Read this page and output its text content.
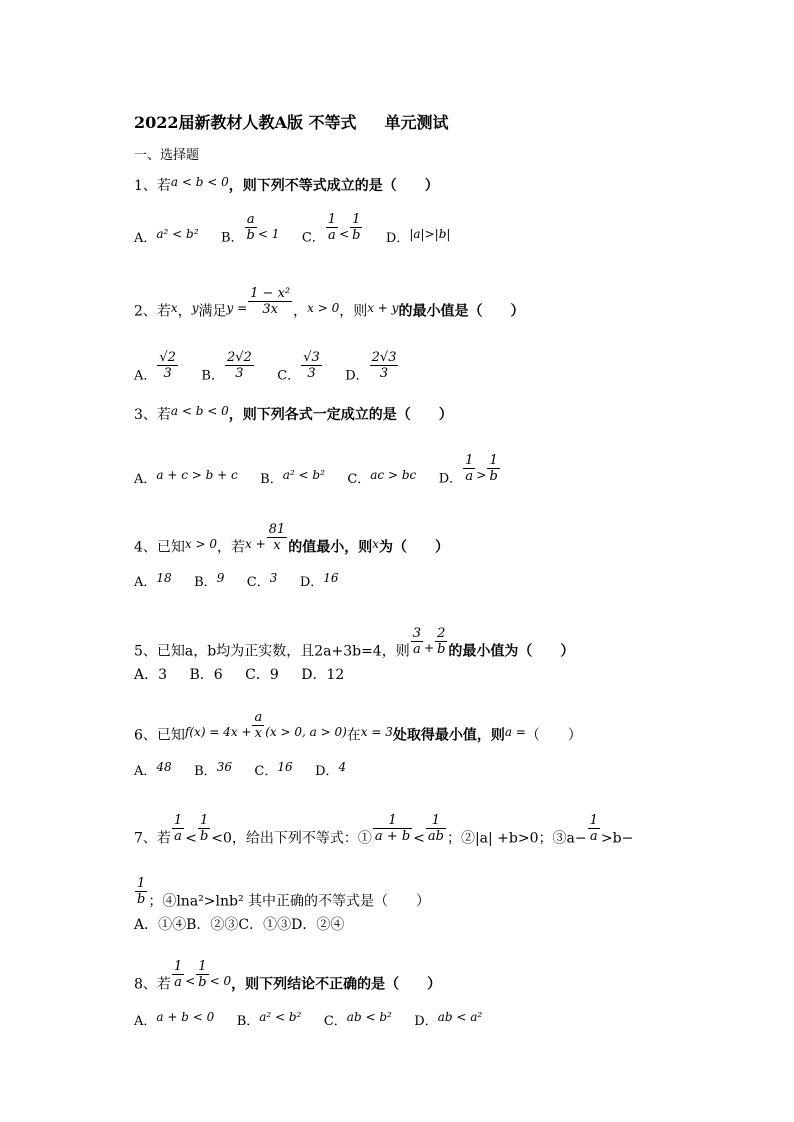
2022届新教材人教A版 不等式 单元测试
一、选择题
1、若a < b < 0，则下列不等式成立的是（　　）
A．a² < b² B． $\frac{a}{b} < 1$ C． $\frac{1}{a} < \frac{1}{b}$ D．|a|>|b|
2、若x，y满足$y = \frac{\text{1 − x²}}{3x}$ ，x > 0，则x + y的最小值是（　　）
A． $\frac{√2}{3}$ B． $\frac{2√2}{3}$ C． $\frac{√3}{3}$ D． $\frac{2√3}{3}$
3、若a < b < 0，则下列各式一定成立的是（　　）
A．a + c > b + c B．a² < b² C．ac > bc D． $\frac{1}{a} > \frac{1}{b}$
4、已知x > 0，若$x + \frac{81}{x}$ 的值最小，则x为（　　）
A．18 B．9 C．3 D．16
5、已知a，b均为正实数，且2a+3b=4，则 $\frac{3}{a} + \frac{2}{b}$ 的最小值为（　　）
A．3 B．6 C．9 D．12
6、已知$f(x) = 4x + \frac{a}{x} (x > 0$, a > 0)在x = 3处取得最小值，则a =（　　）
A．48 B．36 C．16 D．4
7、若 $\frac{1}{a} < \frac{1}{b} <0$，给出下列不等式：① $\frac{1}{a + b} < \frac{1}{ab}$ ；②|a| +b>0；③a− $\frac{1}{a} >b-$
$\frac{1}{b}$ ；④lna²>lnb² 其中正确的不等式是（　　）
A．①④B．②③C．①③D．②④
8、若 $\frac{1}{a} < \frac{1}{b} < 0$，则下列结论不正确的是（　　）
A．a + b < 0 B．a² < b² C．ab < b² D．ab < a²
